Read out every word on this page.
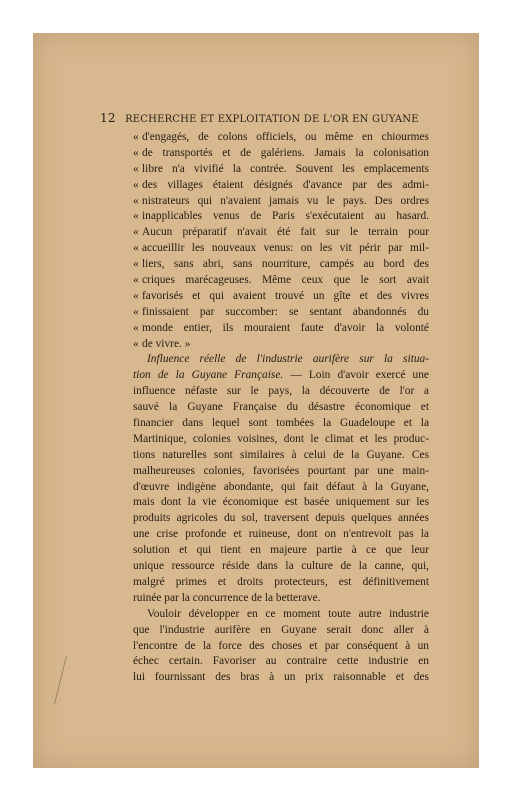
12 RECHERCHE ET EXPLOITATION DE L'OR EN GUYANE
« d'engagés, de colons officiels, ou même en chiourmes
« de transportés et de galériens. Jamais la colonisation
« libre n'a vivifié la contrée. Souvent les emplacements
« des villages étaient désignés d'avance par des admi-
« nistrateurs qui n'avaient jamais vu le pays. Des ordres
« inapplicables venus de Paris s'exécutaient au hasard.
« Aucun préparatif n'avait été fait sur le terrain pour
« accueillir les nouveaux venus: on les vit périr par mil-
« liers, sans abri, sans nourriture, campés au bord des
« criques marécageuses. Même ceux que le sort avait
« favorisés et qui avaient trouvé un gîte et des vivres
« finissaient par succomber: se sentant abandonnés du
« monde entier, ils mouraient faute d'avoir la volonté
« de vivre. »
Influence réelle de l'industrie aurifère sur la situa-
tion de la Guyane Française. — Loin d'avoir exercé une
influence néfaste sur le pays, la découverte de l'or a
sauvé la Guyane Française du désastre économique et
financier dans lequel sont tombées la Guadeloupe et la
Martinique, colonies voisines, dont le climat et les produc-
tions naturelles sont similaires à celui de la Guyane. Ces
malheureuses colonies, favorisées pourtant par une main-
d'œuvre indigène abondante, qui fait défaut à la Guyane,
mais dont la vie économique est basée uniquement sur les
produits agricoles du sol, traversent depuis quelques années
une crise profonde et ruineuse, dont on n'entrevoit pas la
solution et qui tient en majeure partie à ce que leur
unique ressource réside dans la culture de la canne, qui,
malgré primes et droits protecteurs, est définitivement
ruinée par la concurrence de la betterave.
Vouloir développer en ce moment toute autre industrie
que l'industrie aurifère en Guyane serait donc aller à
l'encontre de la force des choses et par conséquent à un
échec certain. Favoriser au contraire cette industrie en
lui fournissant des bras à un prix raisonnable et des
